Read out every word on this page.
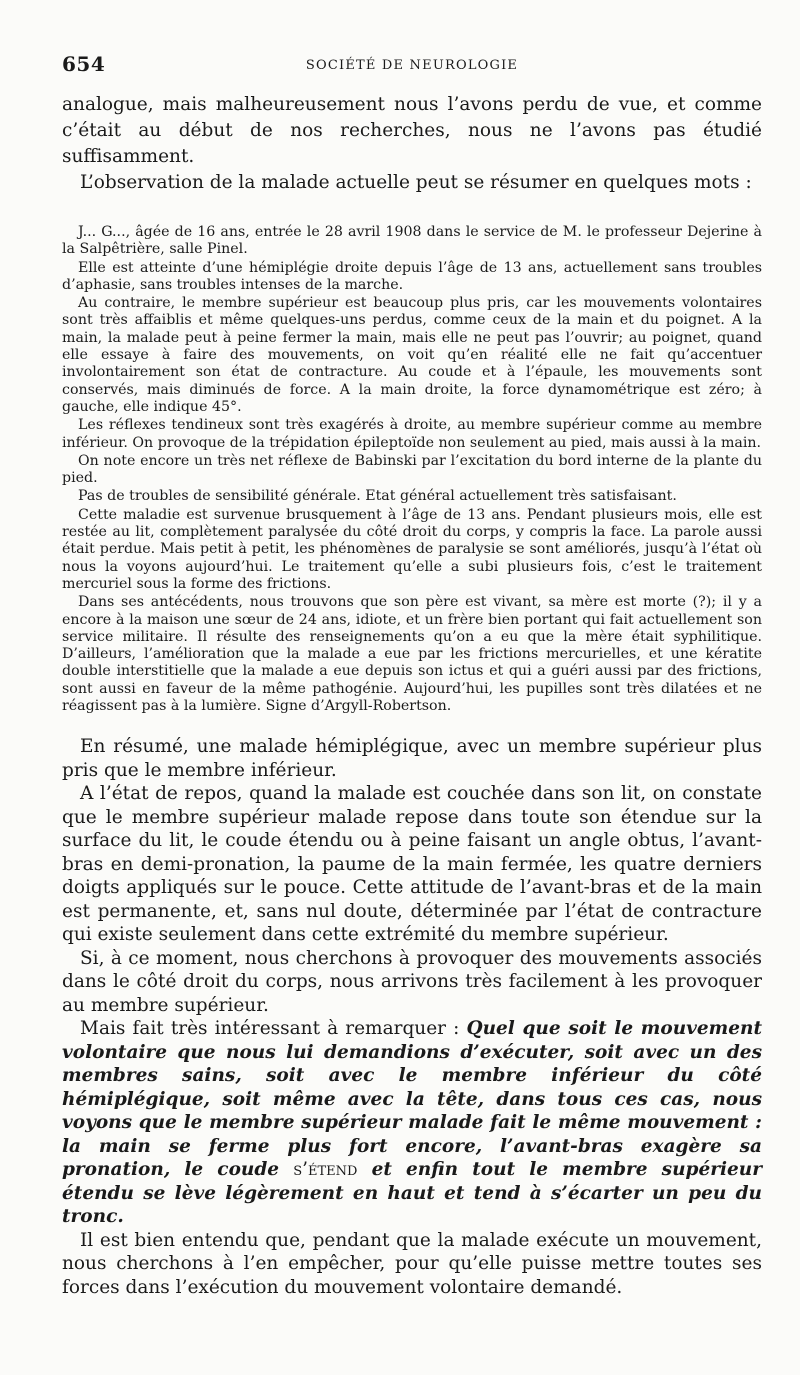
654	SOCIÉTÉ DE NEUROLOGIE

analogue, mais malheureusement nous l’avons perdu de vue, et comme c’était au début de nos recherches, nous ne l’avons pas étudié suffisamment.

L’observation de la malade actuelle peut se résumer en quelques mots :

J... G..., âgée de 16 ans, entrée le 28 avril 1908 dans le service de M. le professeur Dejerine à la Salpêtrière, salle Pinel.

Elle est atteinte d’une hémiplégie droite depuis l’âge de 13 ans, actuellement sans troubles d’aphasie, sans troubles intenses de la marche.

Au contraire, le membre supérieur est beaucoup plus pris, car les mouvements volontaires sont très affaiblis et même quelques-uns perdus, comme ceux de la main et du poignet. A la main, la malade peut à peine fermer la main, mais elle ne peut pas l’ouvrir; au poignet, quand elle essaye à faire des mouvements, on voit qu’en réalité elle ne fait qu’accentuer involontairement son état de contracture. Au coude et à l’épaule, les mouvements sont conservés, mais diminués de force. A la main droite, la force dynamométrique est zéro; à gauche, elle indique 45°.

Les réflexes tendineux sont très exagérés à droite, au membre supérieur comme au membre inférieur. On provoque de la trépidation épileptoïde non seulement au pied, mais aussi à la main.

On note encore un très net réflexe de Babinski par l’excitation du bord interne de la plante du pied.

Pas de troubles de sensibilité générale. Etat général actuellement très satisfaisant.

Cette maladie est survenue brusquement à l’âge de 13 ans. Pendant plusieurs mois, elle est restée au lit, complètement paralysée du côté droit du corps, y compris la face. La parole aussi était perdue. Mais petit à petit, les phénomènes de paralysie se sont améliorés, jusqu’à l’état où nous la voyons aujourd’hui. Le traitement qu’elle a subi plusieurs fois, c’est le traitement mercuriel sous la forme des frictions.

Dans ses antécédents, nous trouvons que son père est vivant, sa mère est morte (?); il y a encore à la maison une sœur de 24 ans, idiote, et un frère bien portant qui fait actuellement son service militaire. Il résulte des renseignements qu’on a eu que la mère était syphilitique. D’ailleurs, l’amélioration que la malade a eue par les frictions mercurielles, et une kératite double interstitielle que la malade a eue depuis son ictus et qui a guéri aussi par des frictions, sont aussi en faveur de la même pathogénie. Aujourd’hui, les pupilles sont très dilatées et ne réagissent pas à la lumière. Signe d’Argyll-Robertson.

En résumé, une malade hémiplégique, avec un membre supérieur plus pris que le membre inférieur.

A l’état de repos, quand la malade est couchée dans son lit, on constate que le membre supérieur malade repose dans toute son étendue sur la surface du lit, le coude étendu ou à peine faisant un angle obtus, l’avant-bras en demi-pronation, la paume de la main fermée, les quatre derniers doigts appliqués sur le pouce. Cette attitude de l’avant-bras et de la main est permanente, et, sans nul doute, déterminée par l’état de contracture qui existe seulement dans cette extrémité du membre supérieur.

Si, à ce moment, nous cherchons à provoquer des mouvements associés dans le côté droit du corps, nous arrivons très facilement à les provoquer au membre supérieur.

Mais fait très intéressant à remarquer : Quel que soit le mouvement volontaire que nous lui demandions d’exécuter, soit avec un des membres sains, soit avec le membre inférieur du côté hémiplégique, soit même avec la tête, dans tous ces cas, nous voyons que le membre supérieur malade fait le même mouvement : la main se ferme plus fort encore, l’avant-bras exagère sa pronation, le coude s’étend et enfin tout le membre supérieur étendu se lève légèrement en haut et tend à s’écarter un peu du tronc.

Il est bien entendu que, pendant que la malade exécute un mouvement, nous cherchons à l’en empêcher, pour qu’elle puisse mettre toutes ses forces dans l’exécution du mouvement volontaire demandé.
